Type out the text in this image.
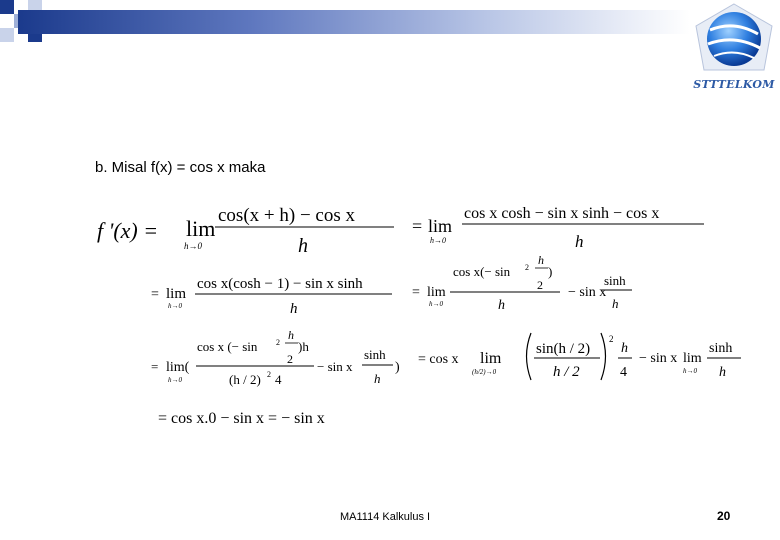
STTTELKOM
b. Misal f(x) = cos x maka
f '(x) = lim
h→0
cos(x + h) − cos x
h
= lim
h→0
cos x cosh − sin x sinh − cos x
h
= lim
h→0
cos x(cosh − 1) − sin x sinh
h
= lim
h→0
cos x(− sin 2
h
2
)
h
− sin x
sinh
h
= lim(
h→0
cos x (− sin 2
h
2
)h
(h / 2) 2 4
− sin x
sinh
h
)
= cos x lim
(h/2)→0
sin(h / 2)
h / 2
2
h
4
− sin x lim
h→0
sinh
h
= cos x.0 − sin x = − sin x
MA1114 Kalkulus I	20
